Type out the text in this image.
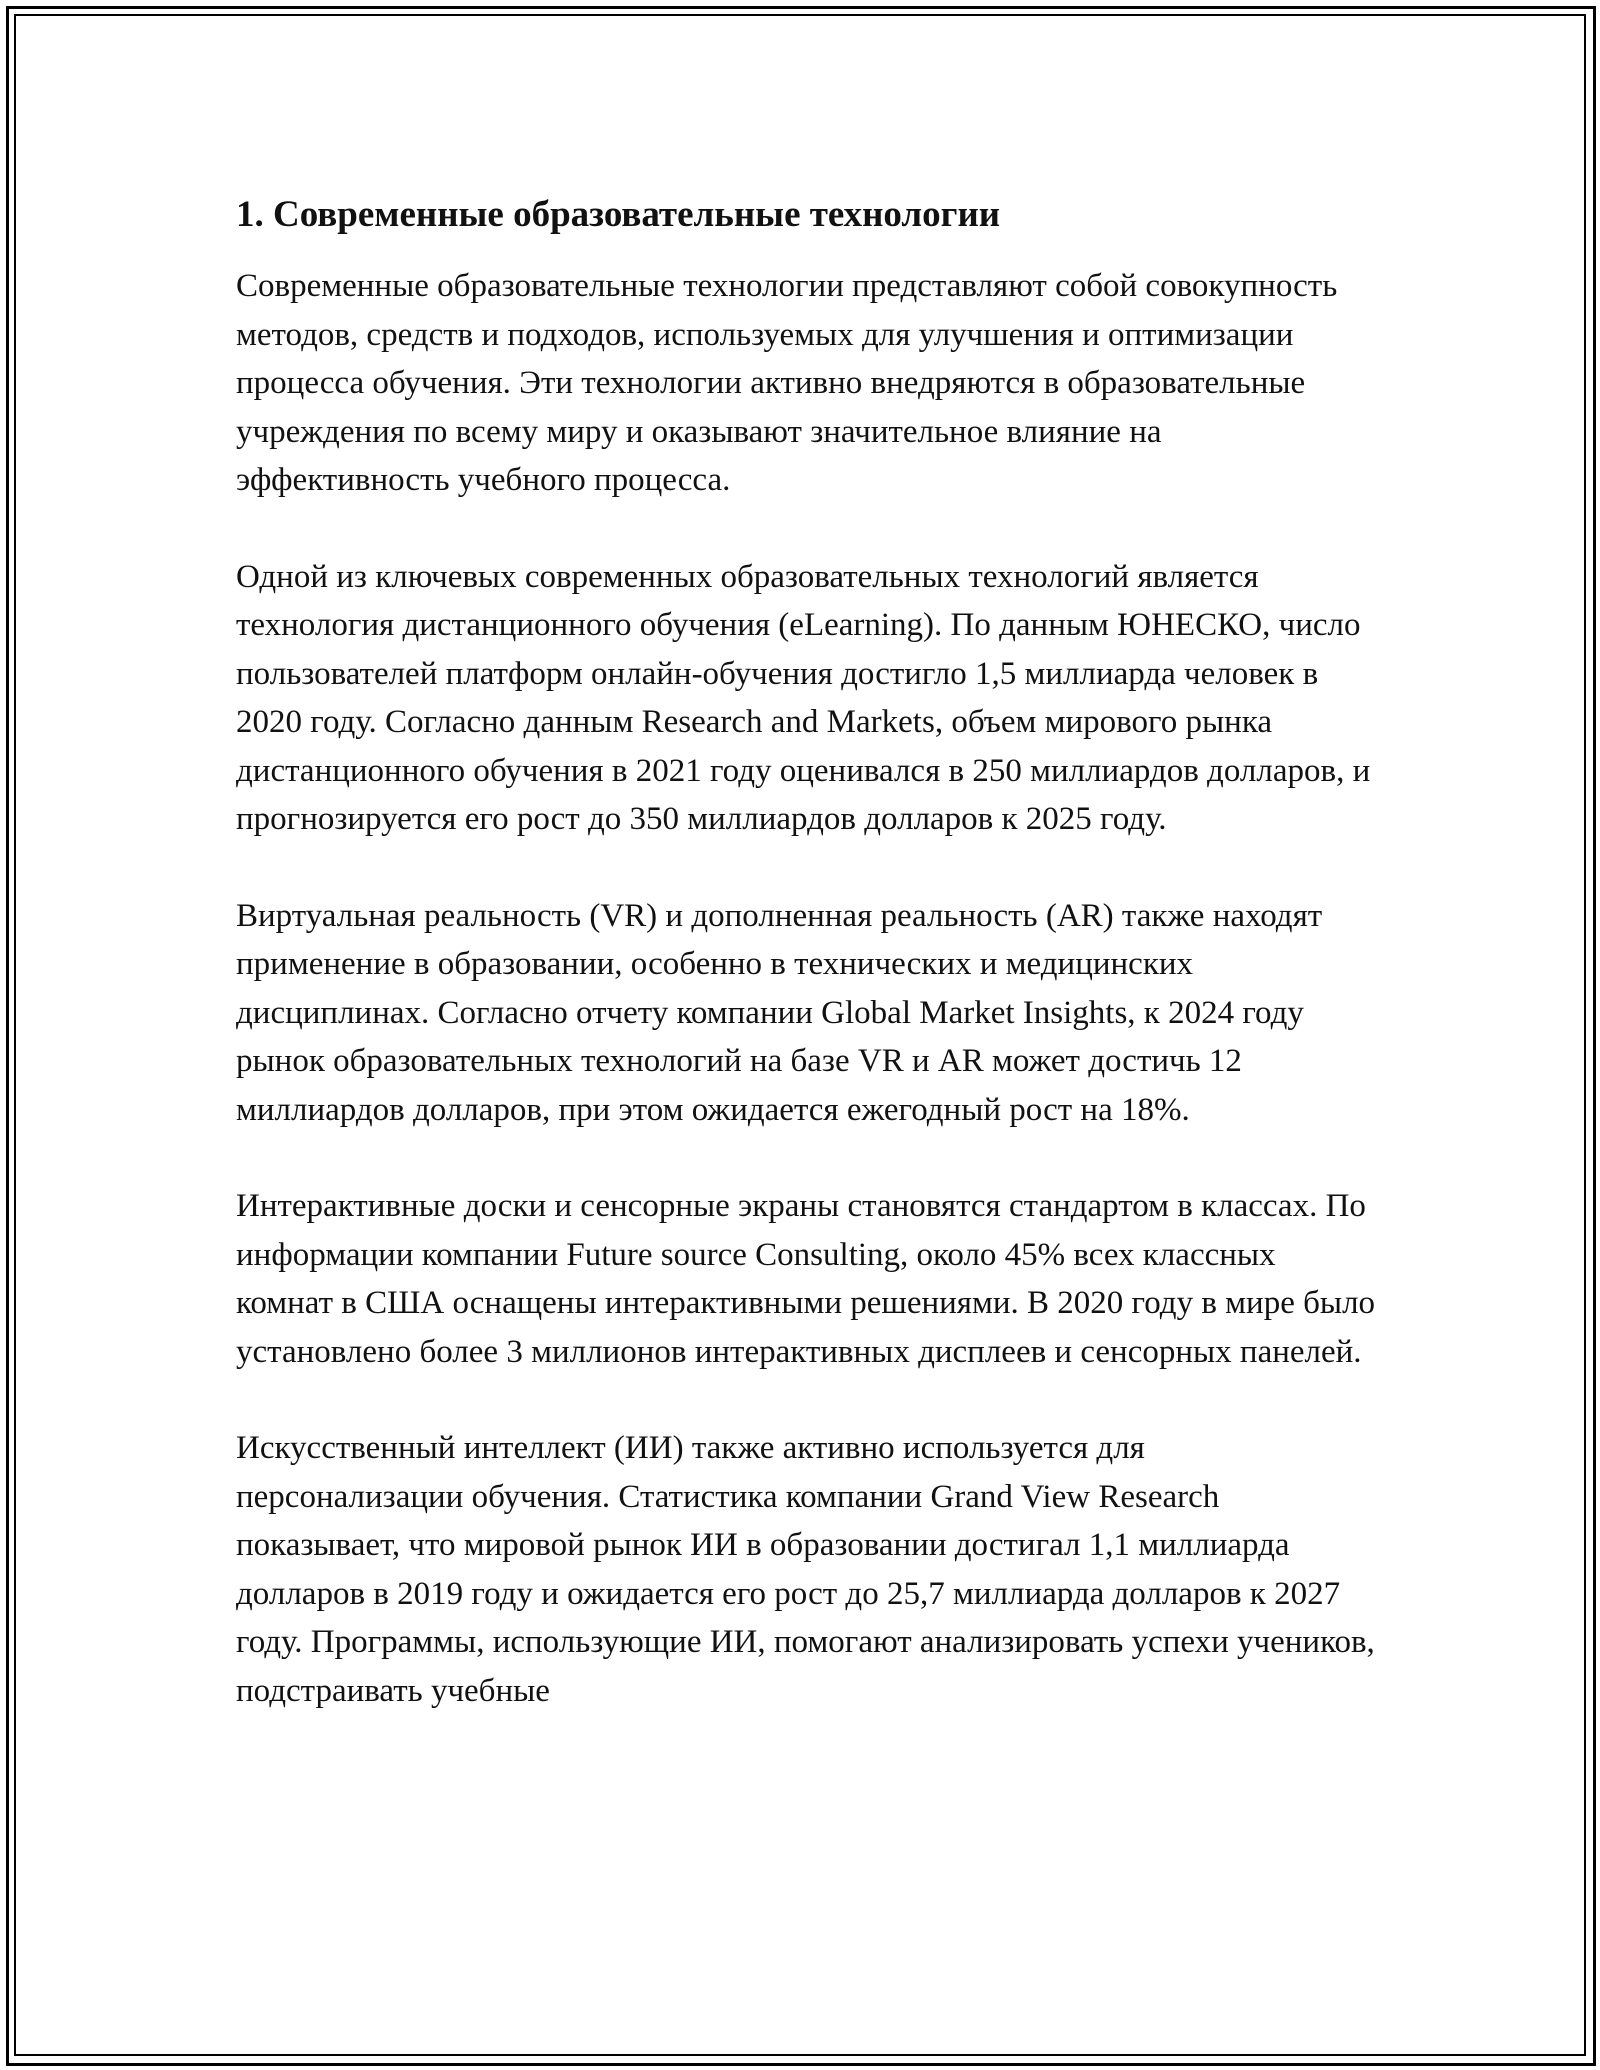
1. Современные образовательные технологии

Современные образовательные технологии представляют собой совокупность методов, средств и подходов, используемых для улучшения и оптимизации процесса обучения. Эти технологии активно внедряются в образовательные учреждения по всему миру и оказывают значительное влияние на эффективность учебного процесса.

Одной из ключевых современных образовательных технологий является технология дистанционного обучения (eLearning). По данным ЮНЕСКО, число пользователей платформ онлайн-обучения достигло 1,5 миллиарда человек в 2020 году. Согласно данным Research and Markets, объем мирового рынка дистанционного обучения в 2021 году оценивался в 250 миллиардов долларов, и прогнозируется его рост до 350 миллиардов долларов к 2025 году.

Виртуальная реальность (VR) и дополненная реальность (AR) также находят применение в образовании, особенно в технических и медицинских дисциплинах. Согласно отчету компании Global Market Insights, к 2024 году рынок образовательных технологий на базе VR и AR может достичь 12 миллиардов долларов, при этом ожидается ежегодный рост на 18%.

Интерактивные доски и сенсорные экраны становятся стандартом в классах. По информации компании Future source Consulting, около 45% всех классных комнат в США оснащены интерактивными решениями. В 2020 году в мире было установлено более 3 миллионов интерактивных дисплеев и сенсорных панелей.

Искусственный интеллект (ИИ) также активно используется для персонализации обучения. Статистика компании Grand View Research показывает, что мировой рынок ИИ в образовании достигал 1,1 миллиарда долларов в 2019 году и ожидается его рост до 25,7 миллиарда долларов к 2027 году. Программы, использующие ИИ, помогают анализировать успехи учеников, подстраивать учебные
